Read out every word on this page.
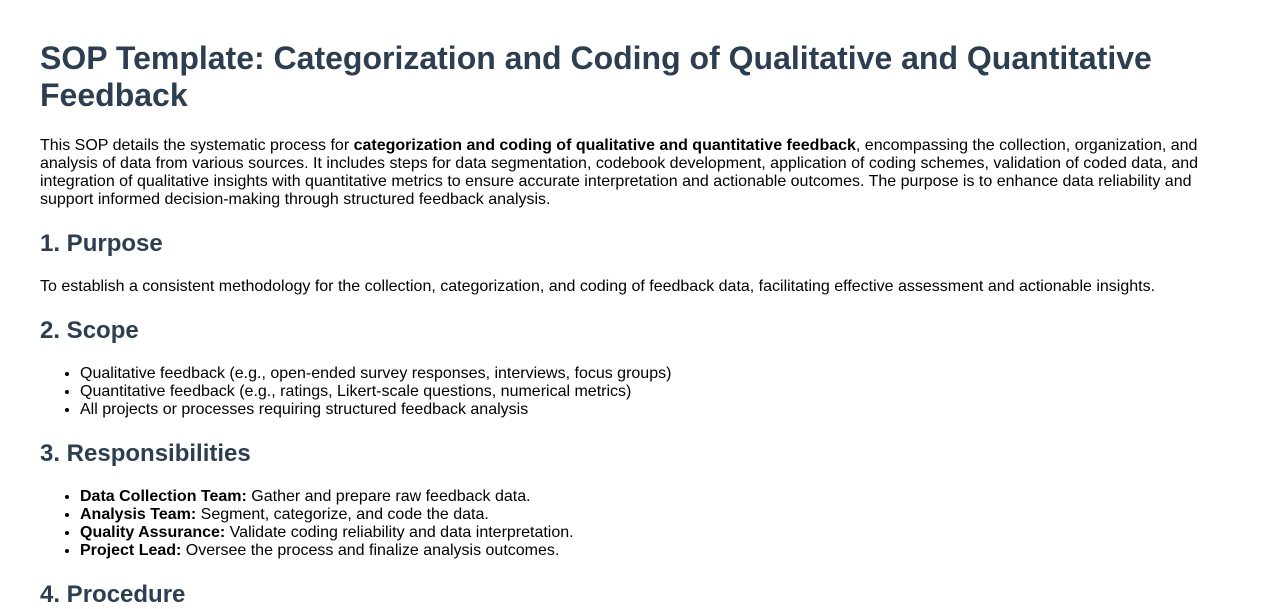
SOP Template: Categorization and Coding of Qualitative and Quantitative Feedback

This SOP details the systematic process for categorization and coding of qualitative and quantitative feedback, encompassing the collection, organization, and analysis of data from various sources. It includes steps for data segmentation, codebook development, application of coding schemes, validation of coded data, and integration of qualitative insights with quantitative metrics to ensure accurate interpretation and actionable outcomes. The purpose is to enhance data reliability and support informed decision-making through structured feedback analysis.

1. Purpose

To establish a consistent methodology for the collection, categorization, and coding of feedback data, facilitating effective assessment and actionable insights.

2. Scope
• Qualitative feedback (e.g., open-ended survey responses, interviews, focus groups)
• Quantitative feedback (e.g., ratings, Likert-scale questions, numerical metrics)
• All projects or processes requiring structured feedback analysis
3. Responsibilities
• Data Collection Team: Gather and prepare raw feedback data.
• Analysis Team: Segment, categorize, and code the data.
• Quality Assurance: Validate coding reliability and data interpretation.
• Project Lead: Oversee the process and finalize analysis outcomes.
4. Procedure
